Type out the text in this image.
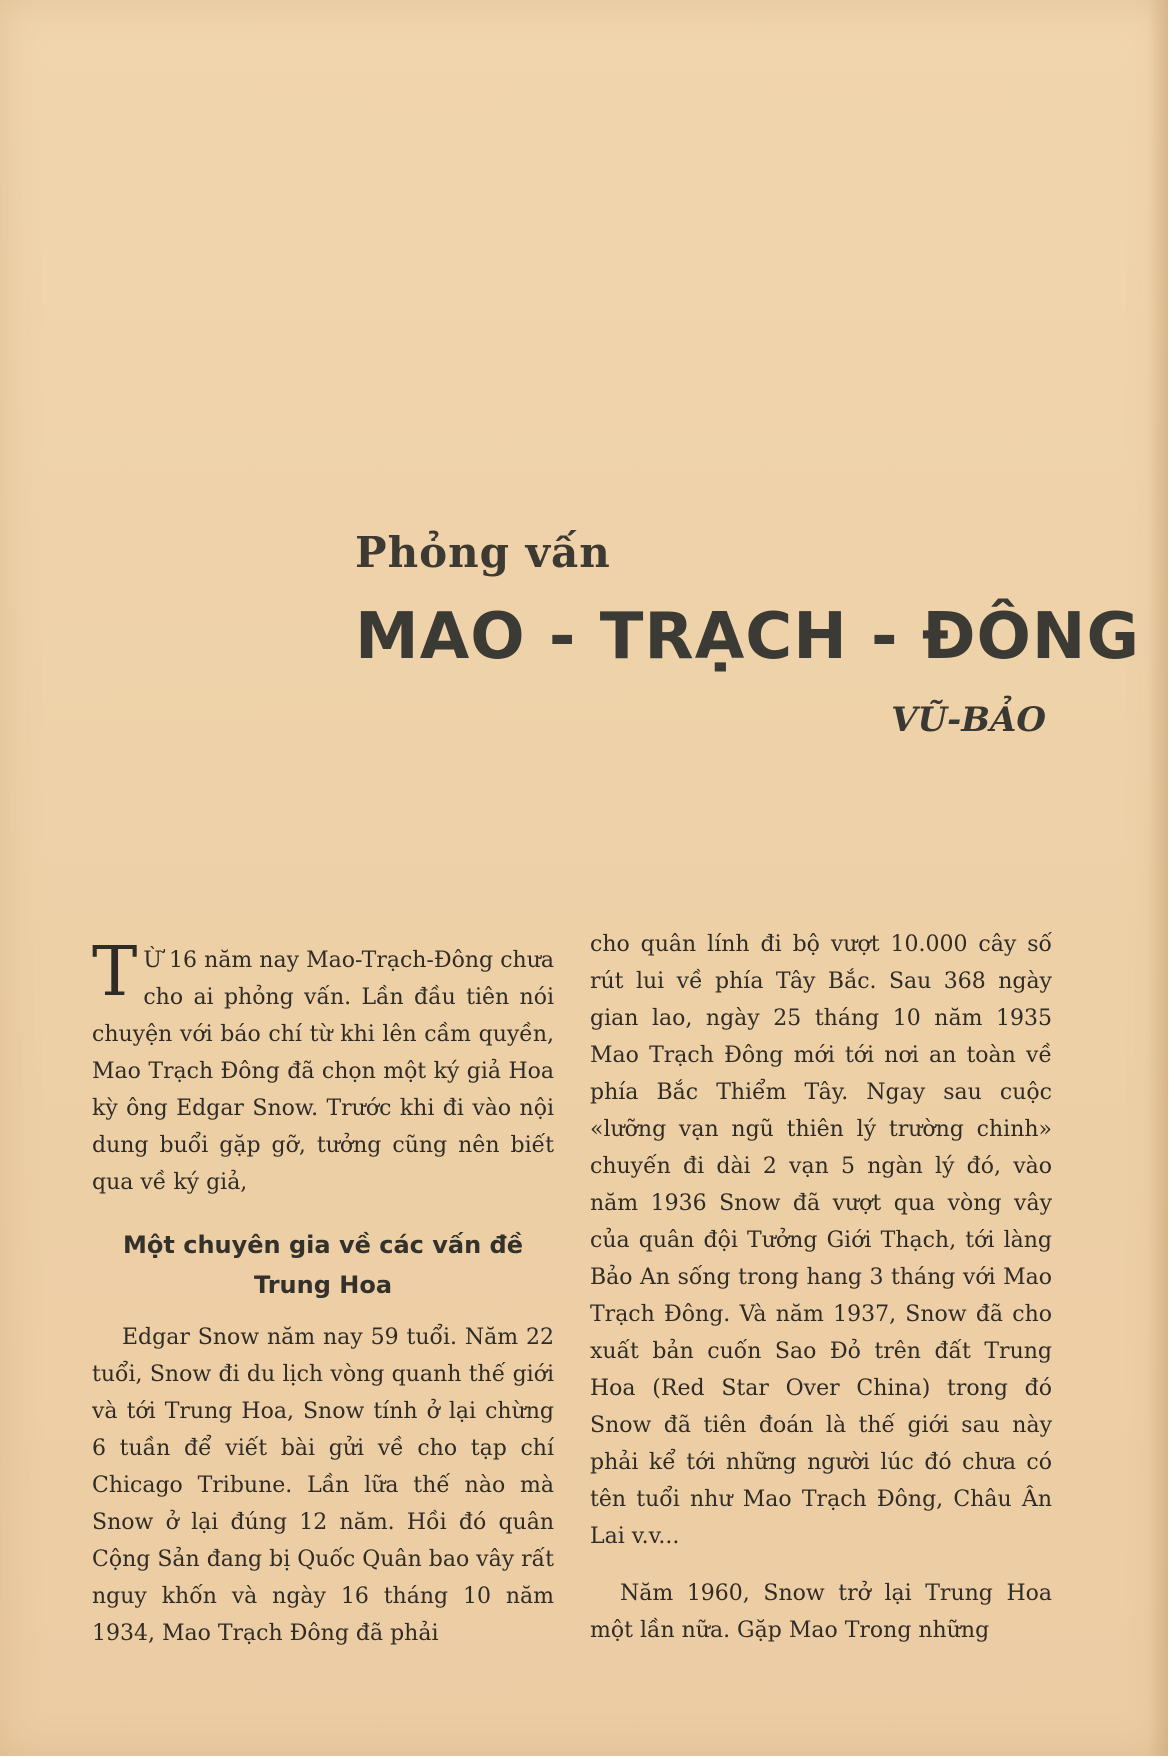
Phỏng vấn
MAO - TRẠCH - ĐÔNG
VŨ-BẢO

T Ừ 16 năm nay Mao-Trạch-Đông chưa cho ai phỏng vấn. Lần đầu tiên nói chuyện với báo chí từ khi lên cầm quyền, Mao Trạch Đông đã chọn một ký giả Hoa kỳ ông Edgar Snow. Trước khi đi vào nội dung buổi gặp gỡ, tưởng cũng nên biết qua về ký giả,

Một chuyên gia về các vấn đề Trung Hoa

Edgar Snow năm nay 59 tuổi. Năm 22 tuổi, Snow đi du lịch vòng quanh thế giới và tới Trung Hoa, Snow tính ở lại chừng 6 tuần để viết bài gửi về cho tạp chí Chicago Tribune. Lần lữa thế nào mà Snow ở lại đúng 12 năm. Hồi đó quân Cộng Sản đang bị Quốc Quân bao vây rất nguy khốn và ngày 16 tháng 10 năm 1934, Mao Trạch Đông đã phải

cho quân lính đi bộ vượt 10.000 cây số rút lui về phía Tây Bắc. Sau 368 ngày gian lao, ngày 25 tháng 10 năm 1935 Mao Trạch Đông mới tới nơi an toàn về phía Bắc Thiểm Tây. Ngay sau cuộc «lưỡng vạn ngũ thiên lý trường chinh» chuyến đi dài 2 vạn 5 ngàn lý đó, vào năm 1936 Snow đã vượt qua vòng vây của quân đội Tưởng Giới Thạch, tới làng Bảo An sống trong hang 3 tháng với Mao Trạch Đông. Và năm 1937, Snow đã cho xuất bản cuốn Sao Đỏ trên đất Trung Hoa (Red Star Over China) trong đó Snow đã tiên đoán là thế giới sau này phải kể tới những người lúc đó chưa có tên tuổi như Mao Trạch Đông, Châu Ân Lai v.v...

Năm 1960, Snow trở lại Trung Hoa một lần nữa. Gặp Mao Trong những
